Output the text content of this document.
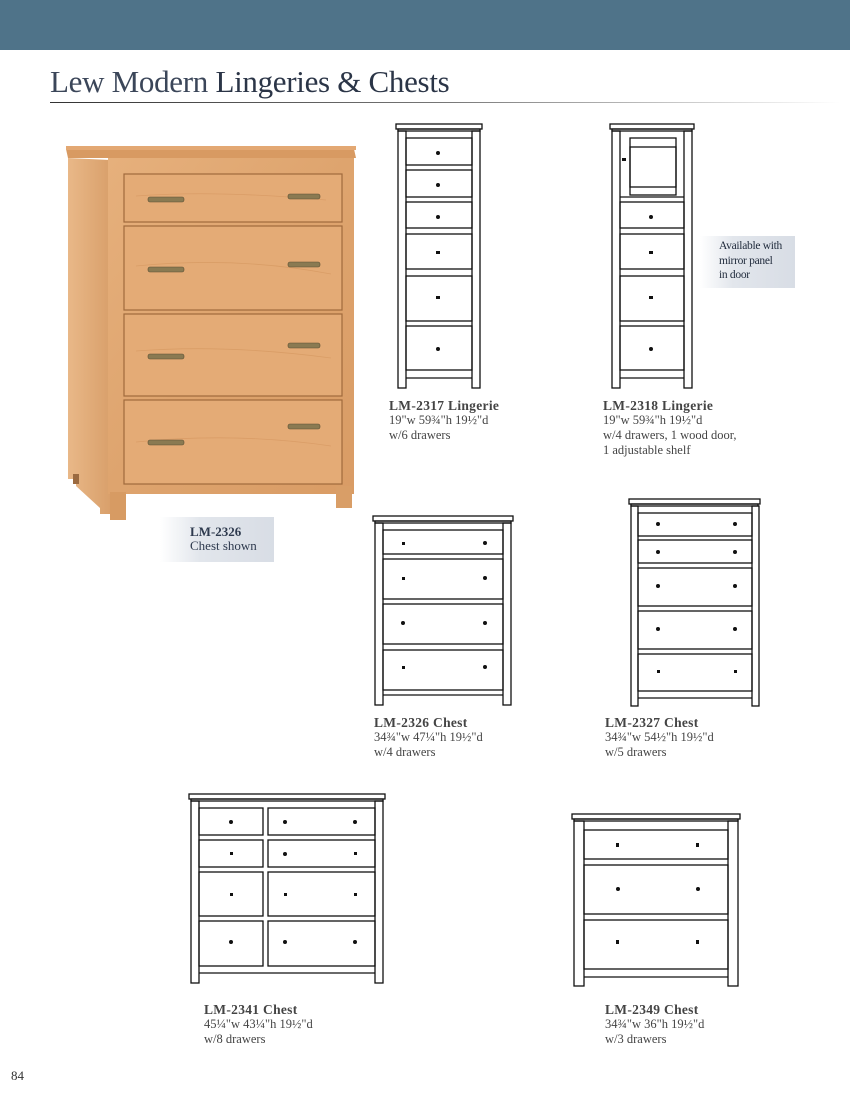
Lew Modern Lingeries & Chests
LM-2326
Chest shown
Available with
mirror panel
in door
LM-2317 Lingerie
19"w 59¾"h 19½"d
w/6 drawers
LM-2318 Lingerie
19"w 59¾"h 19½"d
w/4 drawers, 1 wood door,
1 adjustable shelf
LM-2326 Chest
34¾"w 47¼"h 19½"d
w/4 drawers
LM-2327 Chest
34¾"w 54½"h 19½"d
w/5 drawers
LM-2341 Chest
45¼"w 43¼"h 19½"d
w/8 drawers
LM-2349 Chest
34¾"w 36"h 19½"d
w/3 drawers
84
